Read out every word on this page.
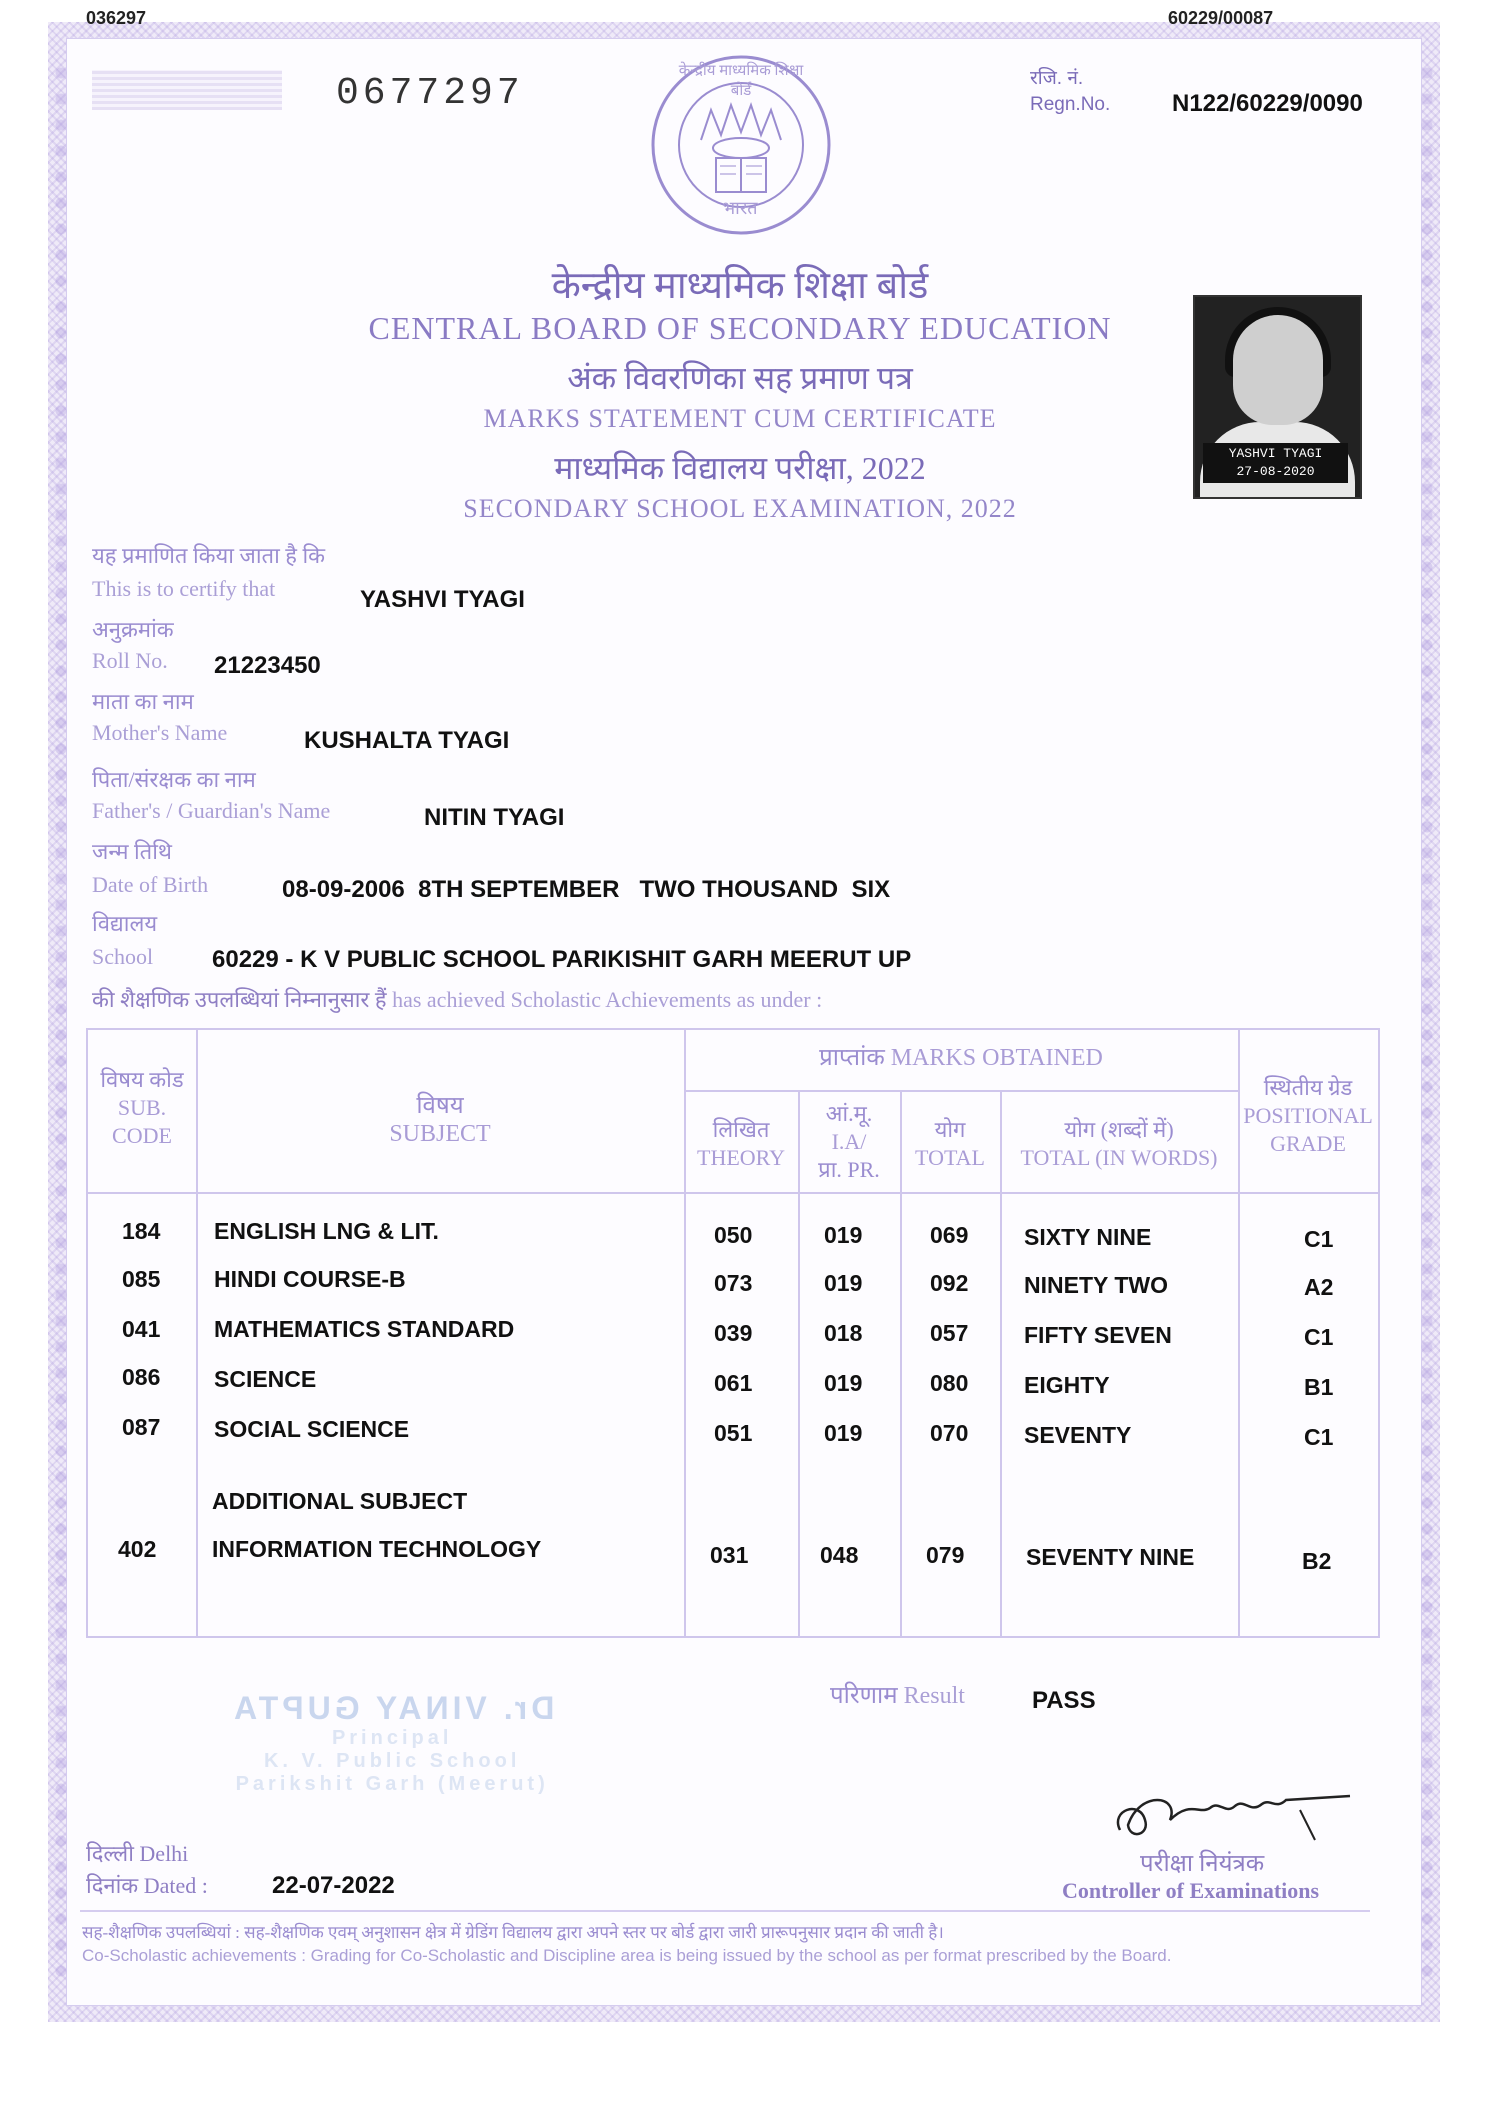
036297	60229/00087
0677297
केन्द्रीय माध्यमिक शिक्षा बोर्ड
भारत
रजि. नं.
Regn.No.	N122/60229/0090
केन्द्रीय माध्यमिक शिक्षा बोर्ड
CENTRAL BOARD OF SECONDARY EDUCATION
अंक विवरणिका सह प्रमाण पत्र
MARKS STATEMENT CUM CERTIFICATE
माध्यमिक विद्यालय परीक्षा, 2022
SECONDARY SCHOOL EXAMINATION, 2022
YASHVI TYAGI
27-08-2020
यह प्रमाणित किया जाता है कि
This is to certify that	YASHVI TYAGI
अनुक्रमांक
Roll No. 21223450
माता का नाम
Mother's Name	KUSHALTA TYAGI
पिता/संरक्षक का नाम
Father's / Guardian's Name	NITIN TYAGI
जन्म तिथि
Date of Birth	08-09-2006  8TH SEPTEMBER   TWO THOUSAND  SIX
विद्यालय
School 60229 - K V PUBLIC SCHOOL PARIKISHIT GARH MEERUT UP
की शैक्षणिक उपलब्धियां निम्नानुसार हैं has achieved Scholastic Achievements as under :
विषय कोड
SUB.
CODE
विषय
SUBJECT
प्राप्तांक MARKS OBTAINED
लिखित
THEORY
आं.मू.
I.A/
प्रा. PR.
योग
TOTAL
योग (शब्दों में)
TOTAL (IN WORDS)
स्थितीय ग्रेड
POSITIONAL
GRADE
184 ENGLISH LNG & LIT.	050	019	069 SIXTY NINE	C1
085 HINDI COURSE-B	073	019	092 NINETY TWO	A2
041 MATHEMATICS STANDARD	039	018	057 FIFTY SEVEN	C1
086 SCIENCE	061	019	080 EIGHTY	B1
087 SOCIAL SCIENCE	051	019	070 SEVENTY	C1
ADDITIONAL SUBJECT
402 INFORMATION TECHNOLOGY	031	048	079	SEVENTY NINE	B2
परिणाम Result	PASS
Dr. VINAY GUPTA
Principal
K. V. Public School
Parikshit Garh (Meerut)
दिल्ली Delhi
दिनांक Dated :	22-07-2022
परीक्षा नियंत्रक
Controller of Examinations
सह-शैक्षणिक उपलब्धियां : सह-शैक्षणिक एवम् अनुशासन क्षेत्र में ग्रेडिंग विद्यालय द्वारा अपने स्तर पर बोर्ड द्वारा जारी प्रारूपनुसार प्रदान की जाती है।
Co-Scholastic achievements : Grading for Co-Scholastic and Discipline area is being issued by the school as per format prescribed by the Board.
